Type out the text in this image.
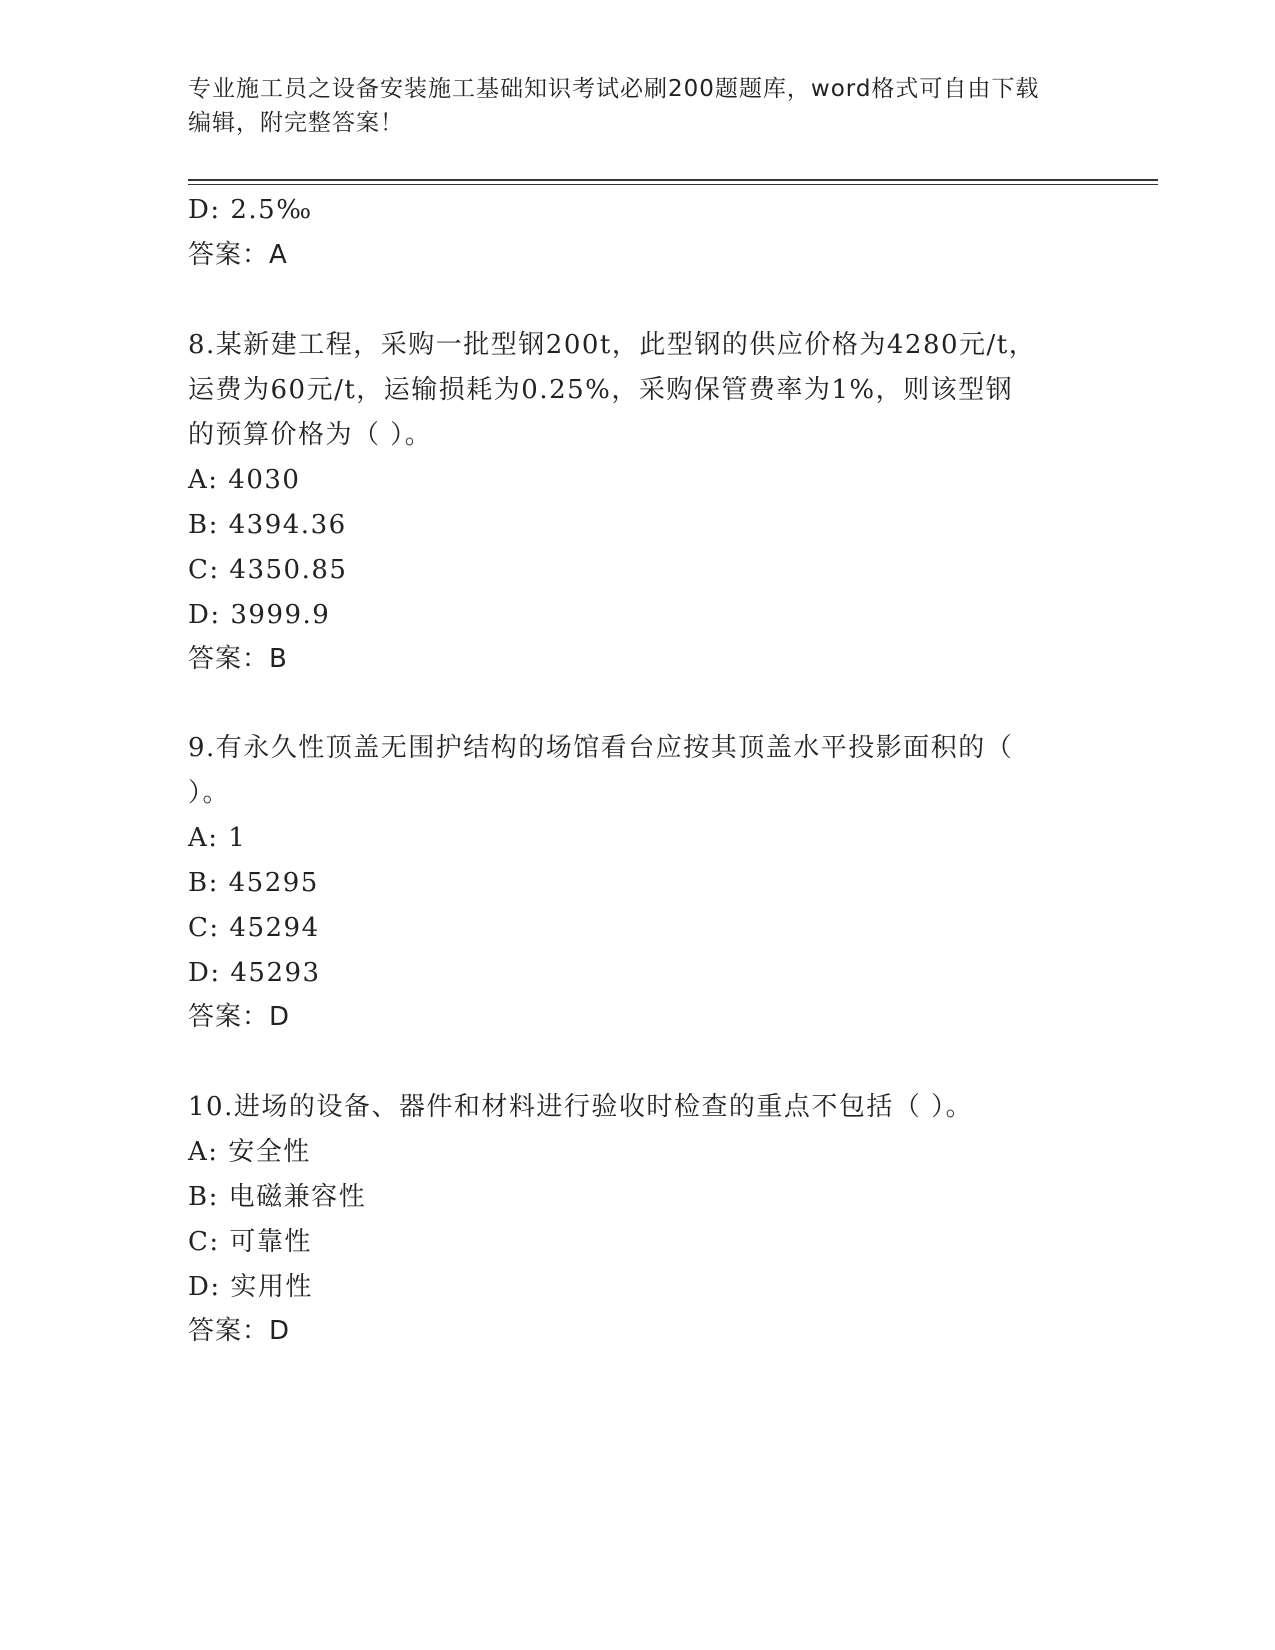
专业施工员之设备安装施工基础知识考试必刷200题题库，word格式可自由下载
编辑，附完整答案！
D: 2.5‰
答案：A
8.某新建工程，采购一批型钢200t，此型钢的供应价格为4280元/t，
运费为60元/t，运输损耗为0.25%，采购保管费率为1%，则该型钢
的预算价格为（ ）。
A: 4030
B: 4394.36
C: 4350.85
D: 3999.9
答案：B
9.有永久性顶盖无围护结构的场馆看台应按其顶盖水平投影面积的（
）。
A: 1
B: 45295
C: 45294
D: 45293
答案：D
10.进场的设备、器件和材料进行验收时检查的重点不包括（ ）。
A: 安全性
B: 电磁兼容性
C: 可靠性
D: 实用性
答案：D
